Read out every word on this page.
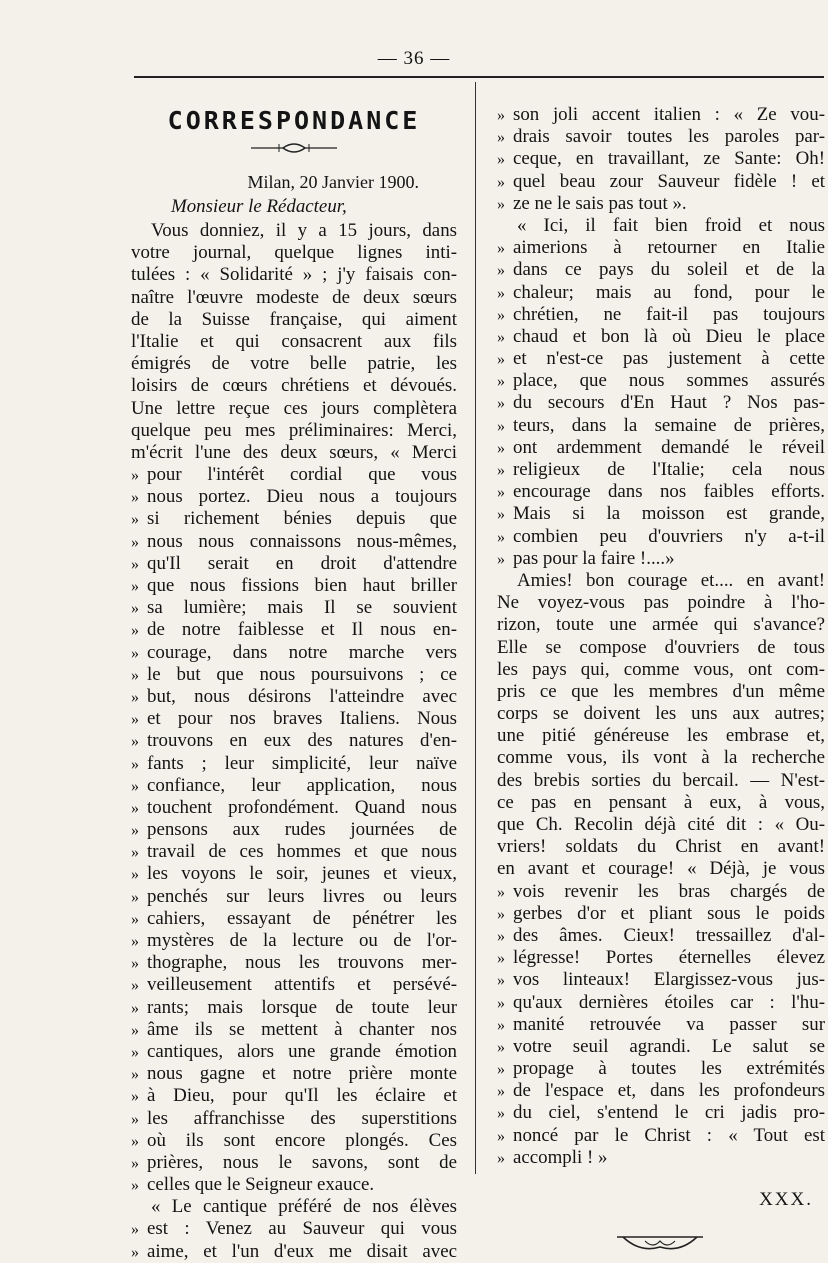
— 36 —
CORRESPONDANCE
Milan, 20 Janvier 1900.
Monsieur le Rédacteur,
Vous donniez, il y a 15 jours, dans
votre journal, quelque lignes inti-
tulées : « Solidarité » ; j'y faisais con-
naître l'œuvre modeste de deux sœurs
de la Suisse française, qui aiment
l'Italie et qui consacrent aux fils
émigrés de votre belle patrie, les
loisirs de cœurs chrétiens et dévoués.
Une lettre reçue ces jours complètera
quelque peu mes préliminaires: Merci,
m'écrit l'une des deux sœurs, « Merci
» pour l'intérêt cordial que vous
» nous portez. Dieu nous a toujours
» si richement bénies depuis que
» nous nous connaissons nous-mêmes,
» qu'Il serait en droit d'attendre
» que nous fissions bien haut briller
» sa lumière; mais Il se souvient
» de notre faiblesse et Il nous en-
» courage, dans notre marche vers
» le but que nous poursuivons ; ce
» but, nous désirons l'atteindre avec
» et pour nos braves Italiens. Nous
» trouvons en eux des natures d'en-
» fants ; leur simplicité, leur naïve
» confiance, leur application, nous
» touchent profondément. Quand nous
» pensons aux rudes journées de
» travail de ces hommes et que nous
» les voyons le soir, jeunes et vieux,
» penchés sur leurs livres ou leurs
» cahiers, essayant de pénétrer les
» mystères de la lecture ou de l'or-
» thographe, nous les trouvons mer-
» veilleusement attentifs et persévé-
» rants; mais lorsque de toute leur
» âme ils se mettent à chanter nos
» cantiques, alors une grande émotion
» nous gagne et notre prière monte
» à Dieu, pour qu'Il les éclaire et
» les affranchisse des superstitions
» où ils sont encore plongés. Ces
» prières, nous le savons, sont de
» celles que le Seigneur exauce.
« Le cantique préféré de nos élèves
» est : Venez au Sauveur qui vous
» aime, et l'un d'eux me disait avec
» son joli accent italien : « Ze vou-
» drais savoir toutes les paroles par-
» ceque, en travaillant, ze Sante: Oh!
» quel beau zour Sauveur fidèle ! et
» ze ne le sais pas tout ».
« Ici, il fait bien froid et nous
» aimerions à retourner en Italie
» dans ce pays du soleil et de la
» chaleur; mais au fond, pour le
» chrétien, ne fait-il pas toujours
» chaud et bon là où Dieu le place
» et n'est-ce pas justement à cette
» place, que nous sommes assurés
» du secours d'En Haut ? Nos pas-
» teurs, dans la semaine de prières,
» ont ardemment demandé le réveil
» religieux de l'Italie; cela nous
» encourage dans nos faibles efforts.
» Mais si la moisson est grande,
» combien peu d'ouvriers n'y a-t-il
» pas pour la faire !....»
Amies! bon courage et.... en avant!
Ne voyez-vous pas poindre à l'ho-
rizon, toute une armée qui s'avance?
Elle se compose d'ouvriers de tous
les pays qui, comme vous, ont com-
pris ce que les membres d'un même
corps se doivent les uns aux autres;
une pitié généreuse les embrase et,
comme vous, ils vont à la recherche
des brebis sorties du bercail. — N'est-
ce pas en pensant à eux, à vous,
que Ch. Recolin déjà cité dit : « Ou-
vriers! soldats du Christ en avant!
en avant et courage! « Déjà, je vous
» vois revenir les bras chargés de
» gerbes d'or et pliant sous le poids
» des âmes. Cieux! tressaillez d'al-
» légresse! Portes éternelles élevez
» vos linteaux! Elargissez-vous jus-
» qu'aux dernières étoiles car : l'hu-
» manité retrouvée va passer sur
» votre seuil agrandi. Le salut se
» propage à toutes les extrémités
» de l'espace et, dans les profondeurs
» du ciel, s'entend le cri jadis pro-
» noncé par le Christ : « Tout est
» accompli ! »
XXX.
